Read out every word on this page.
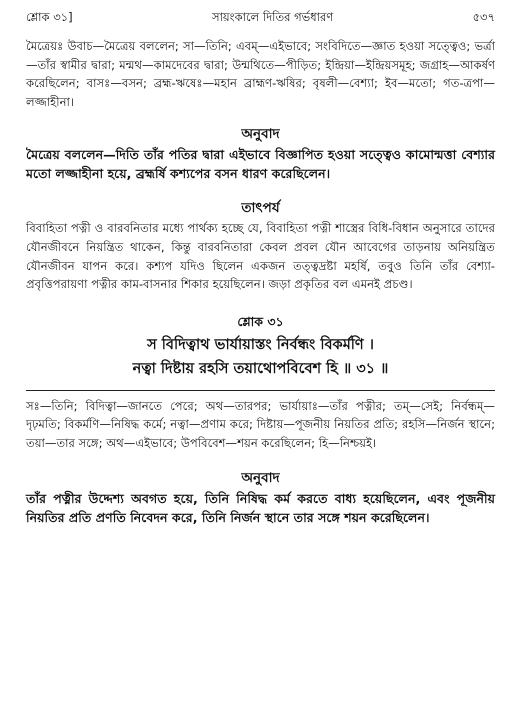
শ্লোক ৩১]	সায়ংকালে দিতির গর্ভধারণ	৫৩৭

মৈত্রেয়ঃ উবাচ—মৈত্রেয় বললেন; সা—তিনি; এবম্—এইভাবে; সংবিদিতে—জ্ঞাত হওয়া সত্ত্বেও; ভর্ত্রা—তাঁর স্বামীর দ্বারা; মন্মথ—কামদেবের দ্বারা; উন্মথিতে—পীড়িত; ইন্দ্রিয়া—ইন্দ্রিয়সমূহ; জগ্রাহ—আকর্ষণ করেছিলেন; বাসঃ—বসন; ব্রহ্ম-ঋষেঃ—মহান ব্রাহ্মণ-ঋষির; বৃষলী—বেশ্যা; ইব—মতো; গত-ত্রপা—লজ্জাহীনা।

অনুবাদ

মৈত্রেয় বললেন—দিতি তাঁর পতির দ্বারা এইভাবে বিজ্ঞাপিত হওয়া সত্ত্বেও কামোন্মত্তা বেশ্যার মতো লজ্জাহীনা হয়ে, ব্রহ্মর্ষি কশ্যপের বসন ধারণ করেছিলেন।

তাৎপর্য

বিবাহিতা পত্নী ও বারবনিতার মধ্যে পার্থক্য হচ্ছে যে, বিবাহিতা পত্নী শাস্ত্রের বিধি-বিধান অনুসারে তাদের যৌনজীবনে নিয়ন্ত্রিত থাকেন, কিন্তু বারবনিতারা কেবল প্রবল যৌন আবেগের তাড়নায় অনিয়ন্ত্রিত যৌনজীবন যাপন করে। কশ্যপ যদিও ছিলেন একজন তত্ত্বদ্রষ্টা মহর্ষি, তবুও তিনি তাঁর বেশ্যা-প্রবৃত্তিপরায়ণা পত্নীর কাম-বাসনার শিকার হয়েছিলেন। জড়া প্রকৃতির বল এমনই প্রচণ্ড।

শ্লোক ৩১

স বিদিত্বাথ ভার্যায়াস্তং নির্বন্ধং বিকর্মণি ।

নত্বা দিষ্টায় রহসি তয়াথোপবিবেশ হি ॥ ৩১ ॥

সঃ—তিনি; বিদিত্বা—জানতে পেরে; অথ—তারপর; ভার্যায়াঃ—তাঁর পত্নীর; তম্—সেই; নির্বন্ধম্—দৃঢ়মতি; বিকর্মণি—নিষিদ্ধ কর্মে; নত্বা—প্রণাম করে; দিষ্টায়—পূজনীয় নিয়তির প্রতি; রহসি—নির্জন স্থানে; তয়া—তার সঙ্গে; অথ—এইভাবে; উপবিবেশ—শয়ন করেছিলেন; হি—নিশ্চয়ই।

অনুবাদ

তাঁর পত্নীর উদ্দেশ্য অবগত হয়ে, তিনি নিষিদ্ধ কর্ম করতে বাধ্য হয়েছিলেন, এবং পূজনীয় নিয়তির প্রতি প্রণতি নিবেদন করে, তিনি নির্জন স্থানে তার সঙ্গে শয়ন করেছিলেন।
